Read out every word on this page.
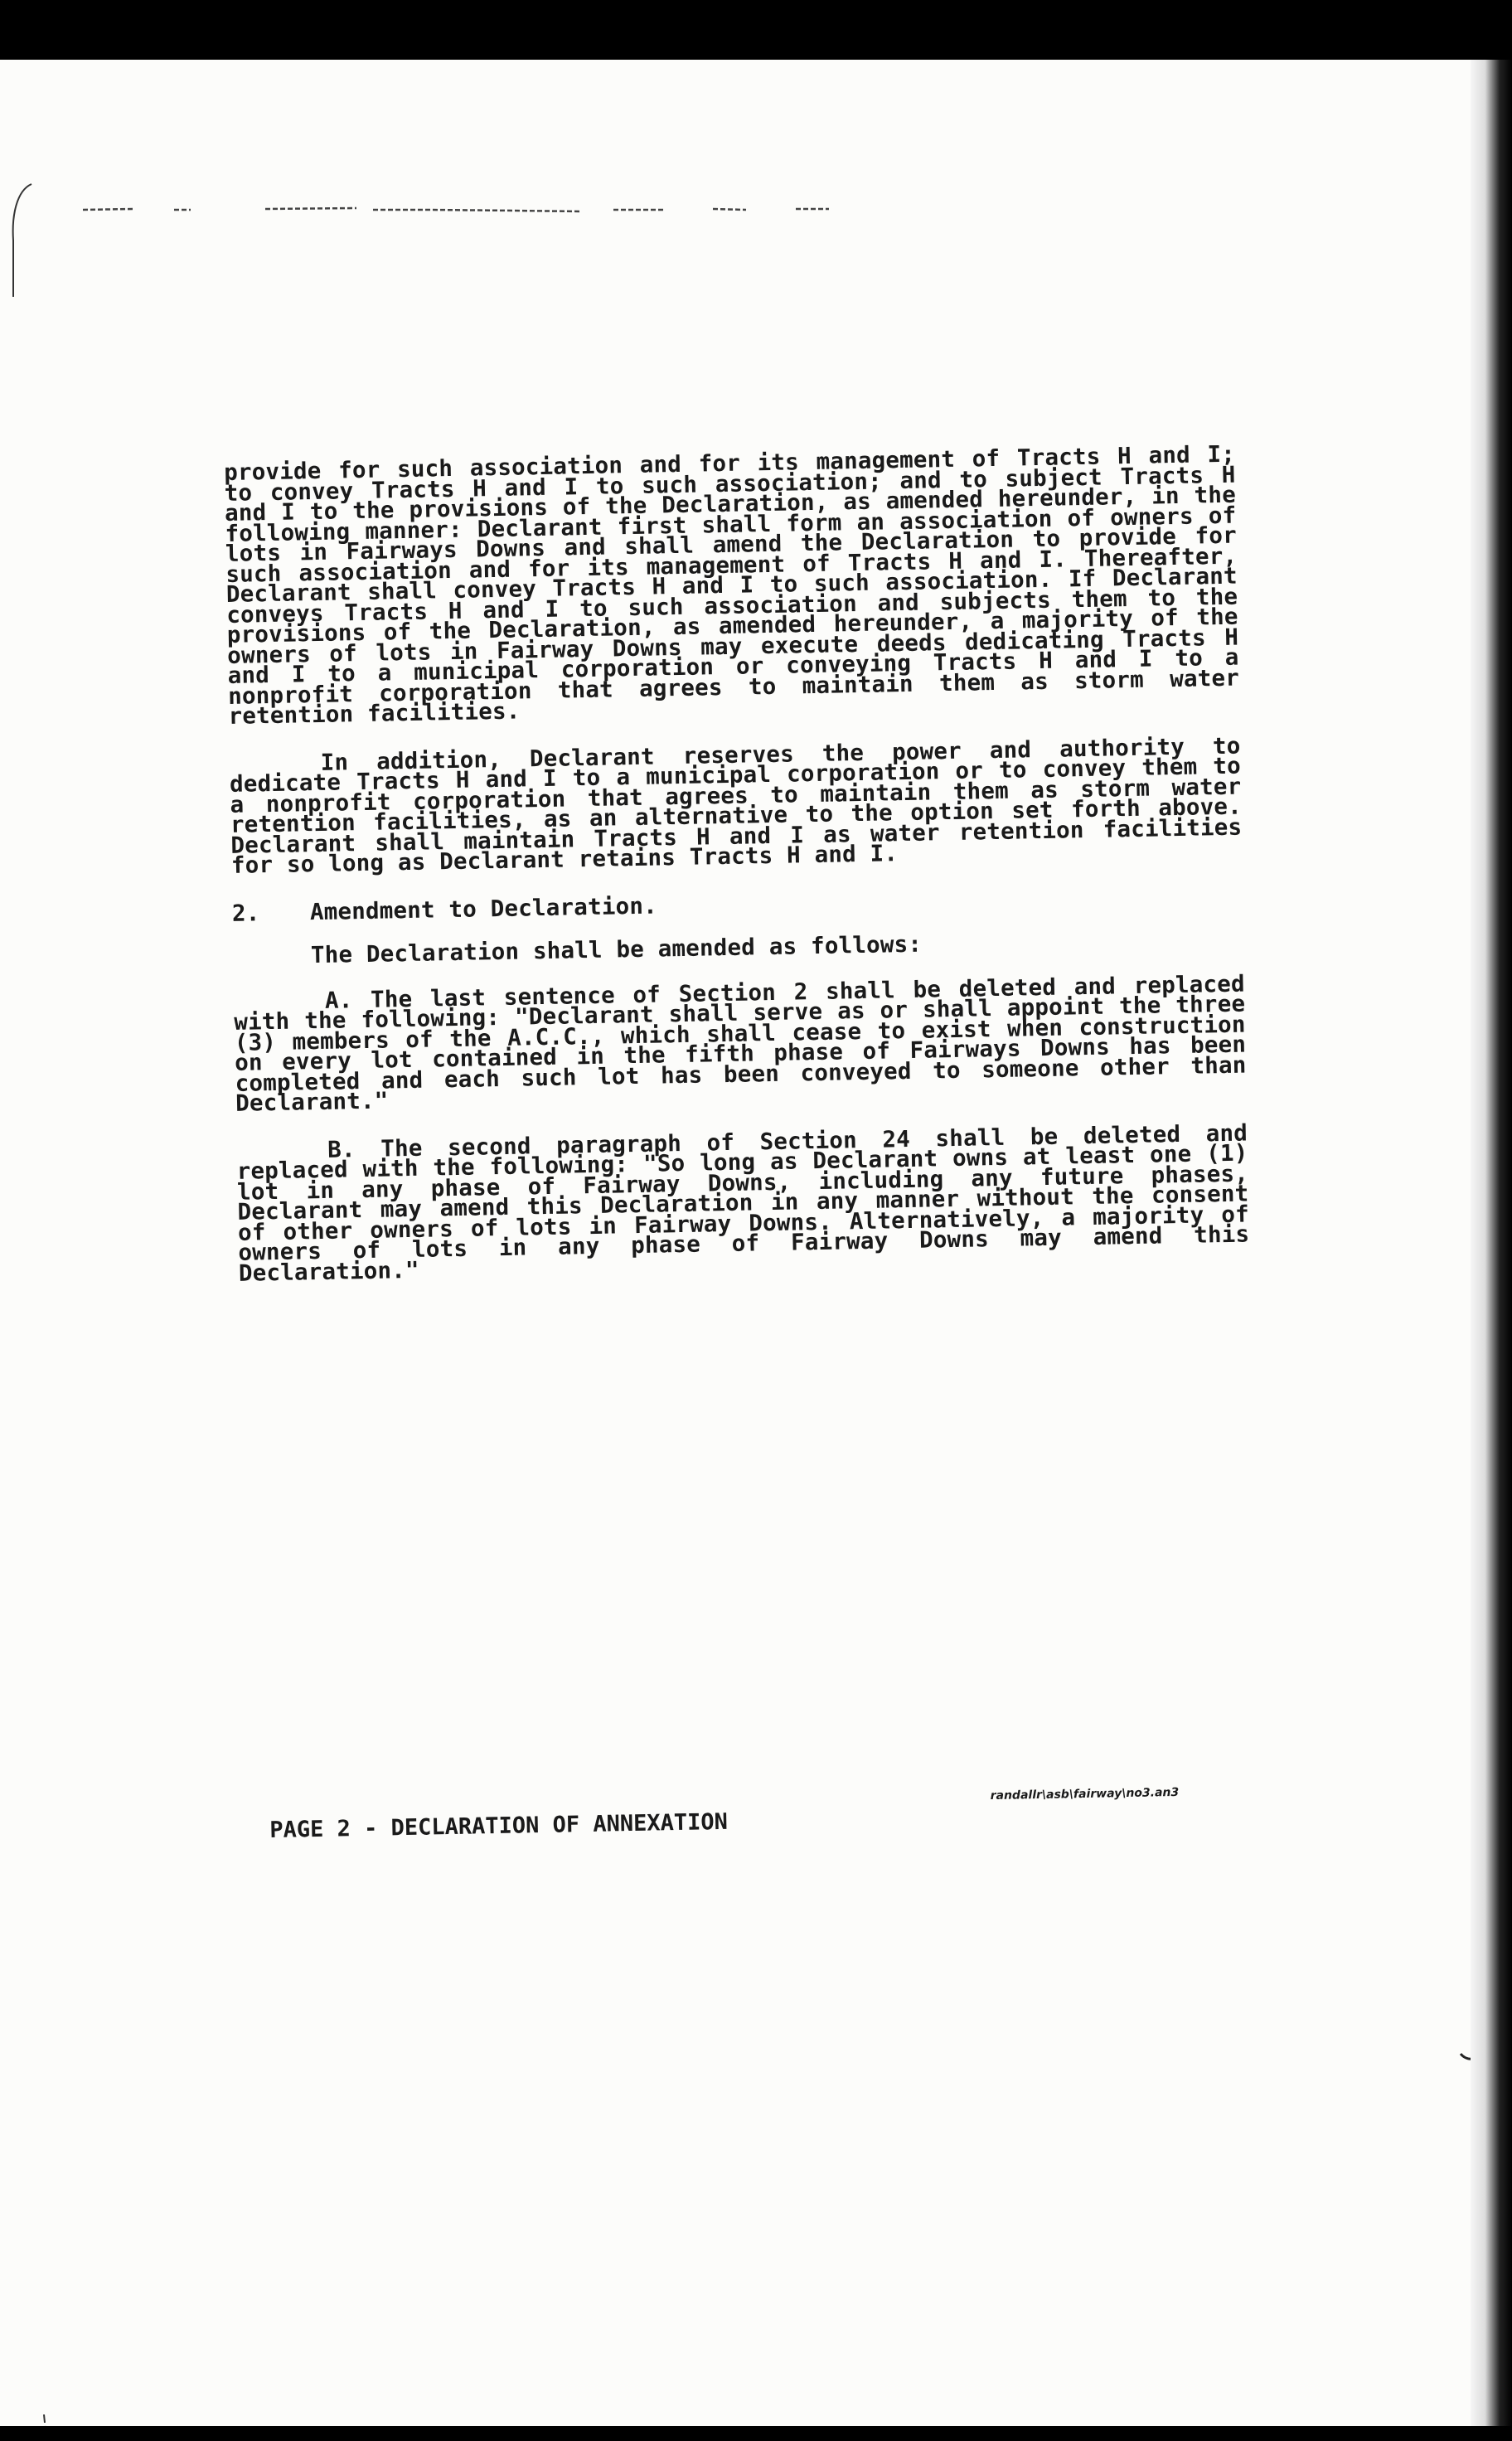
provide for such association and for its management of Tracts H and I; to convey Tracts H and I to such association; and to subject Tracts H and I to the provisions of the Declaration, as amended hereunder, in the following manner: Declarant first shall form an association of owners of lots in Fairways Downs and shall amend the Declaration to provide for such association and for its management of Tracts H and I. Thereafter, Declarant shall convey Tracts H and I to such association. If Declarant conveys Tracts H and I to such association and subjects them to the provisions of the Declaration, as amended hereunder, a majority of the owners of lots in Fairway Downs may execute deeds dedicating Tracts H and I to a municipal corporation or conveying Tracts H and I to a nonprofit corporation that agrees to maintain them as storm water retention facilities.

In addition, Declarant reserves the power and authority to dedicate Tracts H and I to a municipal corporation or to convey them to a nonprofit corporation that agrees to maintain them as storm water retention facilities, as an alternative to the option set forth above. Declarant shall maintain Tracts H and I as water retention facilities for so long as Declarant retains Tracts H and I.

2. Amendment to Declaration.

The Declaration shall be amended as follows:

A. The last sentence of Section 2 shall be deleted and replaced with the following: "Declarant shall serve as or shall appoint the three (3) members of the A.C.C., which shall cease to exist when construction on every lot contained in the fifth phase of Fairways Downs has been completed and each such lot has been conveyed to someone other than Declarant."

B. The second paragraph of Section 24 shall be deleted and replaced with the following: "So long as Declarant owns at least one (1) lot in any phase of Fairway Downs, including any future phases, Declarant may amend this Declaration in any manner without the consent of other owners of lots in Fairway Downs. Alternatively, a majority of owners of lots in any phase of Fairway Downs may amend this Declaration."

PAGE 2 - DECLARATION OF ANNEXATION
randallr\asb\fairway\no3.an3
